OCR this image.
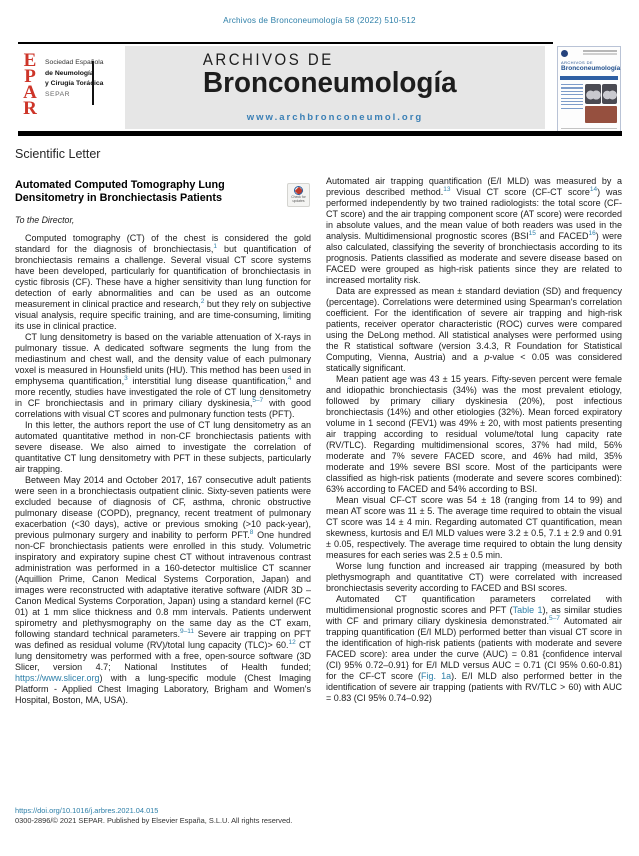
Archivos de Bronconeumología 58 (2022) 510-512
E
P
A
R
Sociedad Española
de Neumología
y Cirugía Torácica
SEPAR
ARCHIVOS DE
Bronconeumología
www.archbronconeumol.org
ARCHIVOS DE
Bronconeumología
Scientific Letter
Automated Computed Tomography Lung Densitometry in Bronchiectasis Patients	Check for updates
To the Director,

Computed tomography (CT) of the chest is considered the gold standard for the diagnosis of bronchiectasis,$^1$ but quantification of bronchiectasis remains a challenge. Several visual CT score systems have been developed, particularly for quantification of bronchiectasis in cystic fibrosis (CF). These have a higher sensitivity than lung function for detection of early abnormalities and can be used as an outcome measurement in clinical practice and research,$^2$ but they rely on subjective visual analysis, require specific training, and are time-consuming, limiting its use in clinical practice.

CT lung densitometry is based on the variable attenuation of X-rays in pulmonary tissue. A dedicated software segments the lung from the mediastinum and chest wall, and the density value of each pulmonary voxel is measured in Hounsfield units (HU). This method has been used in emphysema quantification,$^3$ interstitial lung disease quantification,$^4$ and more recently, studies have investigated the role of CT lung densitometry in CF bronchiectasis and in primary ciliary dyskinesia,$^{5-7}$ with good correlations with visual CT scores and pulmonary function tests (PFT).

In this letter, the authors report the use of CT lung densitometry as an automated quantitative method in non-CF bronchiectasis patients with severe disease. We also aimed to investigate the correlation of quantitative CT lung densitometry with PFT in these subjects, particularly air trapping.

Between May 2014 and October 2017, 167 consecutive adult patients were seen in a bronchiectasis outpatient clinic. Sixty-seven patients were excluded because of diagnosis of CF, asthma, chronic obstructive pulmonary disease (COPD), pregnancy, recent treatment of pulmonary exacerbation (<30 days), active or previous smoking (>10 pack-year), previous pulmonary surgery and inability to perform PFT.$^8$ One hundred non-CF bronchiectasis patients were enrolled in this study. Volumetric inspiratory and expiratory supine chest CT without intravenous contrast administration was performed in a 160-detector multislice CT scanner (Aquillion Prime, Canon Medical Systems Corporation, Japan) and images were reconstructed with adaptative iterative software (AIDR 3D – Canon Medical Systems Corporation, Japan) using a standard kernel (FC 01) at 1 mm slice thickness and 0.8 mm intervals. Patients underwent spirometry and plethysmography on the same day as the CT exam, following standard technical parameters.$^{9-11}$ Severe air trapping on PFT was defined as residual volume (RV)/total lung capacity (TLC)> 60.12 CT lung densitometry was performed with a free, open-source software (3D Slicer, version 4.7; National Institutes of Health funded; https://www.slicer.org) with a lung-specific module (Chest Imaging Platform - Applied Chest Imaging Laboratory, Brigham and Women's Hospital, Boston, MA, USA).

Automated air trapping quantification (E/I MLD) was measured by a previous described method.$^{13}$ Visual CT score (CF-CT score$^{14}$) was performed independently by two trained radiologists: the total score (CF-CT score) and the air trapping component score (AT score) were recorded in absolute values, and the mean value of both readers was used in the analysis. Multidimensional prognostic scores (BSI$^{15}$ and FACED$^{16}$) were also calculated, classifying the severity of bronchiectasis according to its prognosis. Patients classified as moderate and severe disease based on FACED were grouped as high-risk patients since they are related to increased mortality risk.

Data are expressed as mean ± standard deviation (SD) and frequency (percentage). Correlations were determined using Spearman's correlation coefficient. For the identification of severe air trapping and high-risk patients, receiver operator characteristic (ROC) curves were compared using the DeLong method. All statistical analyses were performed using the R statistical software (version 3.4.3, R Foundation for Statistical Computing, Vienna, Austria) and a p-value < 0.05 was considered statically significant.

Mean patient age was 43 ± 15 years. Fifty-seven percent were female and idiopathic bronchiectasis (34%) was the most prevalent etiology, followed by primary ciliary dyskinesia (20%), post infectious bronchiectasis (14%) and other etiologies (32%). Mean forced expiratory volume in 1 second (FEV1) was 49% ± 20, with most patients presenting air trapping according to residual volume/total lung capacity rate (RV/TLC). Regarding multidimensional scores, 37% had mild, 56% moderate and 7% severe FACED score, and 46% had mild, 35% moderate and 19% severe BSI score. Most of the participants were classified as high-risk patients (moderate and severe scores combined): 63% according to FACED and 54% according to BSI.

Mean visual CF-CT score was 54 ± 18 (ranging from 14 to 99) and mean AT score was 11 ± 5. The average time required to obtain the visual CT score was 14 ± 4 min. Regarding automated CT quantification, mean skewness, kurtosis and E/I MLD values were 3.2 ± 0.5, 7.1 ± 2.9 and 0.91 ± 0.05, respectively. The average time required to obtain the lung density measures for each series was 2.5 ± 0.5 min.

Worse lung function and increased air trapping (measured by both plethysmograph and quantitative CT) were correlated with increased bronchiectasis severity according to FACED and BSI scores.

Automated CT quantification parameters correlated with multidimensional prognostic scores and PFT (Table 1), as similar studies with CF and primary ciliary dyskinesia demonstrated.$^{5-7}$ Automated air trapping quantification (E/I MLD) performed better than visual CT score in the identification of high-risk patients (patients with moderate and severe FACED score): area under the curve (AUC) = 0.81 {confidence interval (CI) 95% 0.72–0.91} for E/I MLD versus AUC = 0.71 (CI 95% 0.60-0.81) for the CF-CT score (Fig. 1a). E/I MLD also performed better in the identification of severe air trapping (patients with RV/TLC > 60) with AUC = 0.83 (CI 95% 0.74–0.92)

https://doi.org/10.1016/j.arbres.2021.04.015
0300-2896/© 2021 SEPAR. Published by Elsevier España, S.L.U. All rights reserved.
